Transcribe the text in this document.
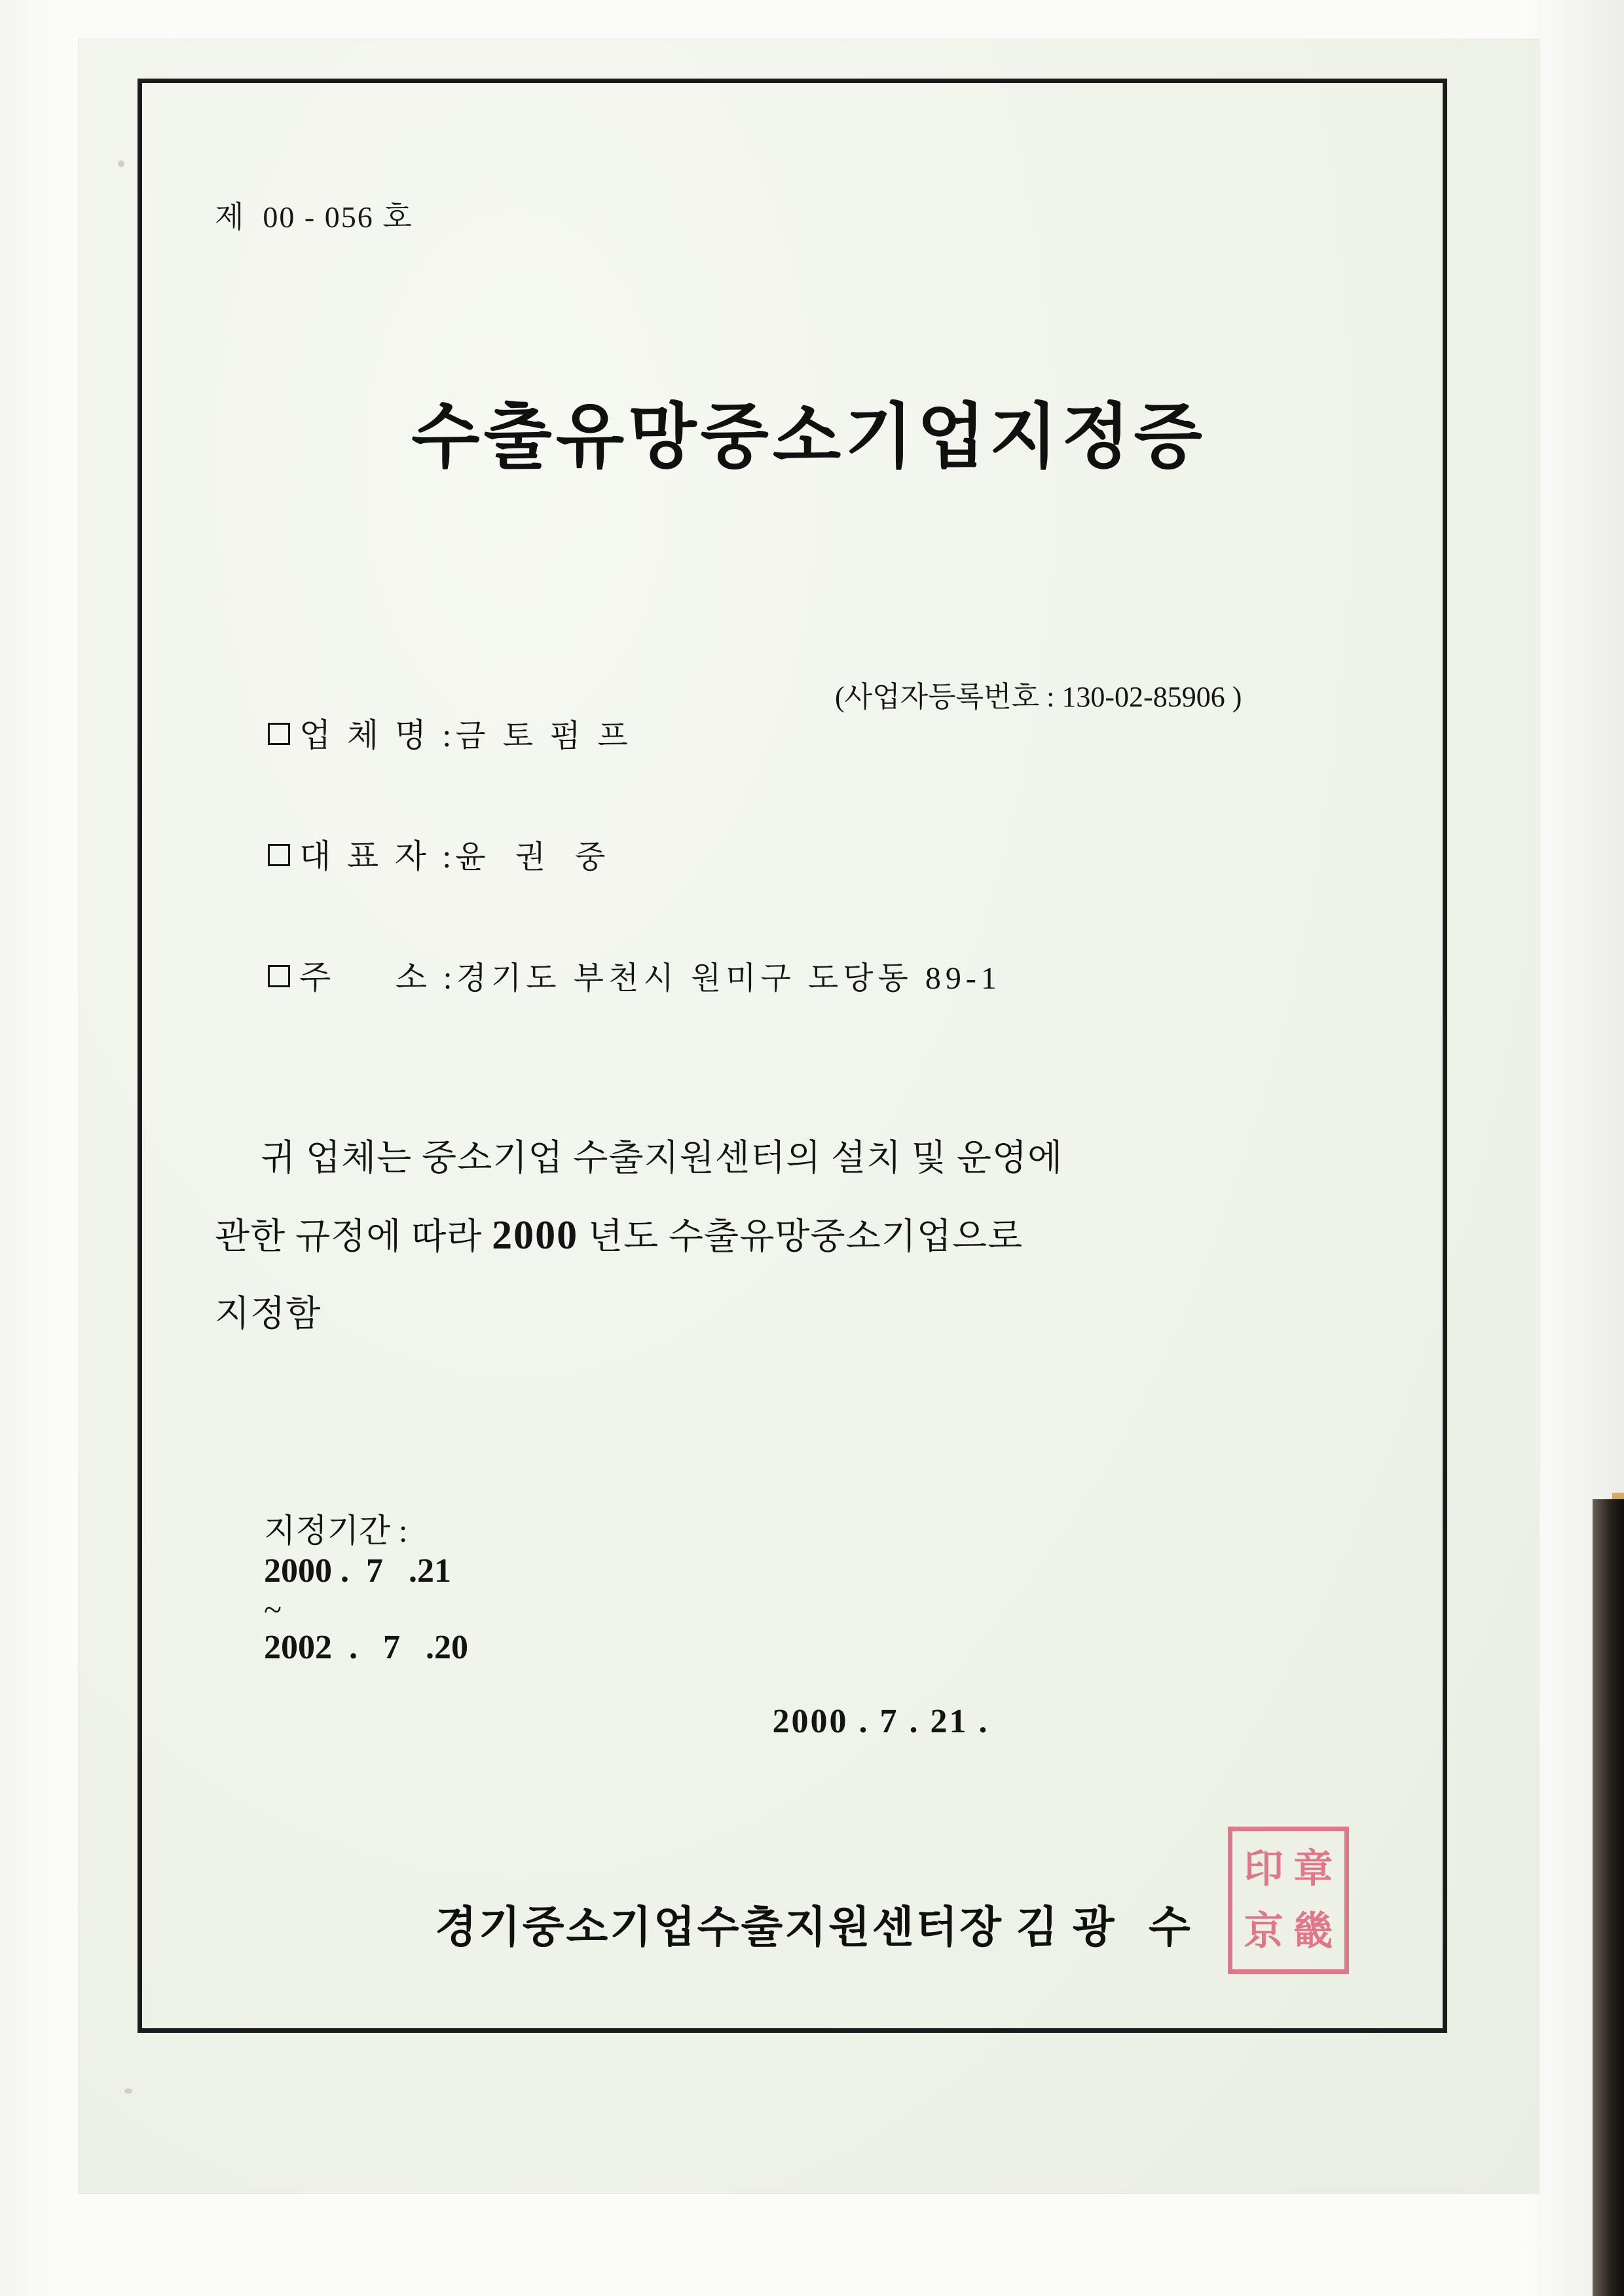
제  00 - 056 호
수출유망중소기업지정증

업 체 명 :금 토 펌 프

(사업자등록번호 : 130-02-85906 )

대 표 자 :윤  권  중

주     소 :경기도 부천시 원미구 도당동 89-1

귀 업체는 중소기업 수출지원센터의 설치 및 운영에
관한 규정에 따라 2000 년도 수출유망중소기업으로
지정함

지정기간 :
2000 .  7   .21
~
2002  .   7   .20

2000 . 7 . 21 .
경기중소기업수출지원센터장 김 광 수
印 章
京 畿
